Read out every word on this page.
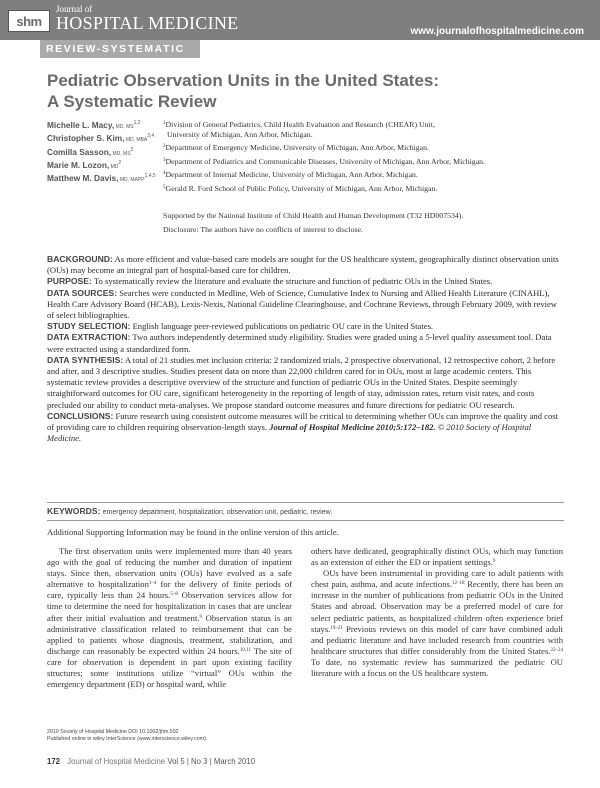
shm
Journal of
HOSPITAL MEDICINE	www.journalofhospitalmedicine.com
REVIEW-SYSTEMATIC
Pediatric Observation Units in the United States:
A Systematic Review
Michelle L. Macy, MD, MS$^{1,2}$
Christopher S. Kim, MD, MBA$^{3,4}$
Comilla Sasson, MD, $MS^2$
Marie M. Lozon, $MD^2$
Matthew M. Davis, MD, MAPP$^{1,4,5}$
$^1$Division of General Pediatrics, Child Health Evaluation and Research (CHEAR) Unit,
University of Michigan, Ann Arbor, Michigan.
$^2$Department of Emergency Medicine, University of Michigan, Ann Arbor, Michigan.
$^3$Department of Pediatrics and Communicable Diseases, University of Michigan, Ann Arbor, Michigan.
$^4$Department of Internal Medicine, University of Michigan, Ann Arbor, Michigan.
$^5$Gerald R. Ford School of Public Policy, University of Michigan, Ann Arbor, Michigan.
Supported by the National Institute of Child Health and Human Development (T32 HD007534).
Disclosure: The authors have no conflicts of interest to disclose.

BACKGROUND: As more efficient and value-based care models are sought for the US healthcare system, geographically distinct observation units (OUs) may become an integral part of hospital-based care for children.

PURPOSE: To systematically review the literature and evaluate the structure and function of pediatric OUs in the United States.

DATA SOURCES: Searches were conducted in Medline, Web of Science, Cumulative Index to Nursing and Allied Health Literature (CINAHL), Health Care Advisory Board (HCAB), Lexis-Nexis, National Guideline Clearinghouse, and Cochrane Reviews, through February 2009, with review of select bibliographies.

STUDY SELECTION: English language peer-reviewed publications on pediatric OU care in the United States.

DATA EXTRACTION: Two authors independently determined study eligibility. Studies were graded using a 5-level quality assessment tool. Data were extracted using a standardized form.

DATA SYNTHESIS: A total of 21 studies met inclusion criteria: 2 randomized trials, 2 prospective observational, 12 retrospective cohort, 2 before and after, and 3 descriptive studies. Studies present data on more than 22,000 children cared for in OUs, most at large academic centers. This systematic review provides a descriptive overview of the structure and function of pediatric OUs in the United States. Despite seemingly straightforward outcomes for OU care, significant heterogeneity in the reporting of length of stay, admission rates, return visit rates, and costs precluded our ability to conduct meta-analyses. We propose standard outcome measures and future directions for pediatric OU research.

CONCLUSIONS: Future research using consistent outcome measures will be critical to determining whether OUs can improve the quality and cost of providing care to children requiring observation-length stays. Journal of Hospital Medicine 2010;5:172–182. © 2010 Society of Hospital Medicine.

KEYWORDS: emergency department, hospitalization, observation unit, pediatric, review.
Additional Supporting Information may be found in the online version of this article.

The first observation units were implemented more than 40 years ago with the goal of reducing the number and duration of inpatient stays. Since then, observation units (OUs) have evolved as a safe alternative to hospitalization$^{1-4}$ for the delivery of finite periods of care, typically less than 24 hours.$^{5-8}$ Observation services allow for time to determine the need for hospitalization in cases that are unclear after their initial evaluation and treatment.$^9$ Observation status is an administrative classification related to reimbursement that can be applied to patients whose diagnosis, treatment, stabilization, and discharge can reasonably be expected within 24 hours.$^{10,11}$ The site of care for observation is dependent in part upon existing facility structures; some institutions utilize “virtual” OUs within the emergency department (ED) or hospital ward, while

others have dedicated, geographically distinct OUs, which may function as an extension of either the ED or inpatient settings.$^9$

OUs have been instrumental in providing care to adult patients with chest pain, asthma, and acute infections.$^{12-18}$ Recently, there has been an increase in the number of publications from pediatric OUs in the United States and abroad. Observation may be a preferred model of care for select pediatric patients, as hospitalized children often experience brief stays.$^{19-21}$ Previous reviews on this model of care have combined adult and pediatric literature and have included research from countries with healthcare structures that differ considerably from the United States.$^{22-24}$ To date, no systematic review has summarized the pediatric OU literature with a focus on the US healthcare system.

2010 Society of Hospital Medicine DOI 10.1002/jhm.592
Published online in wiley InterScience (www.interscience.wiley.com).
172 Journal of Hospital Medicine Vol 5 | No 3 | March 2010
